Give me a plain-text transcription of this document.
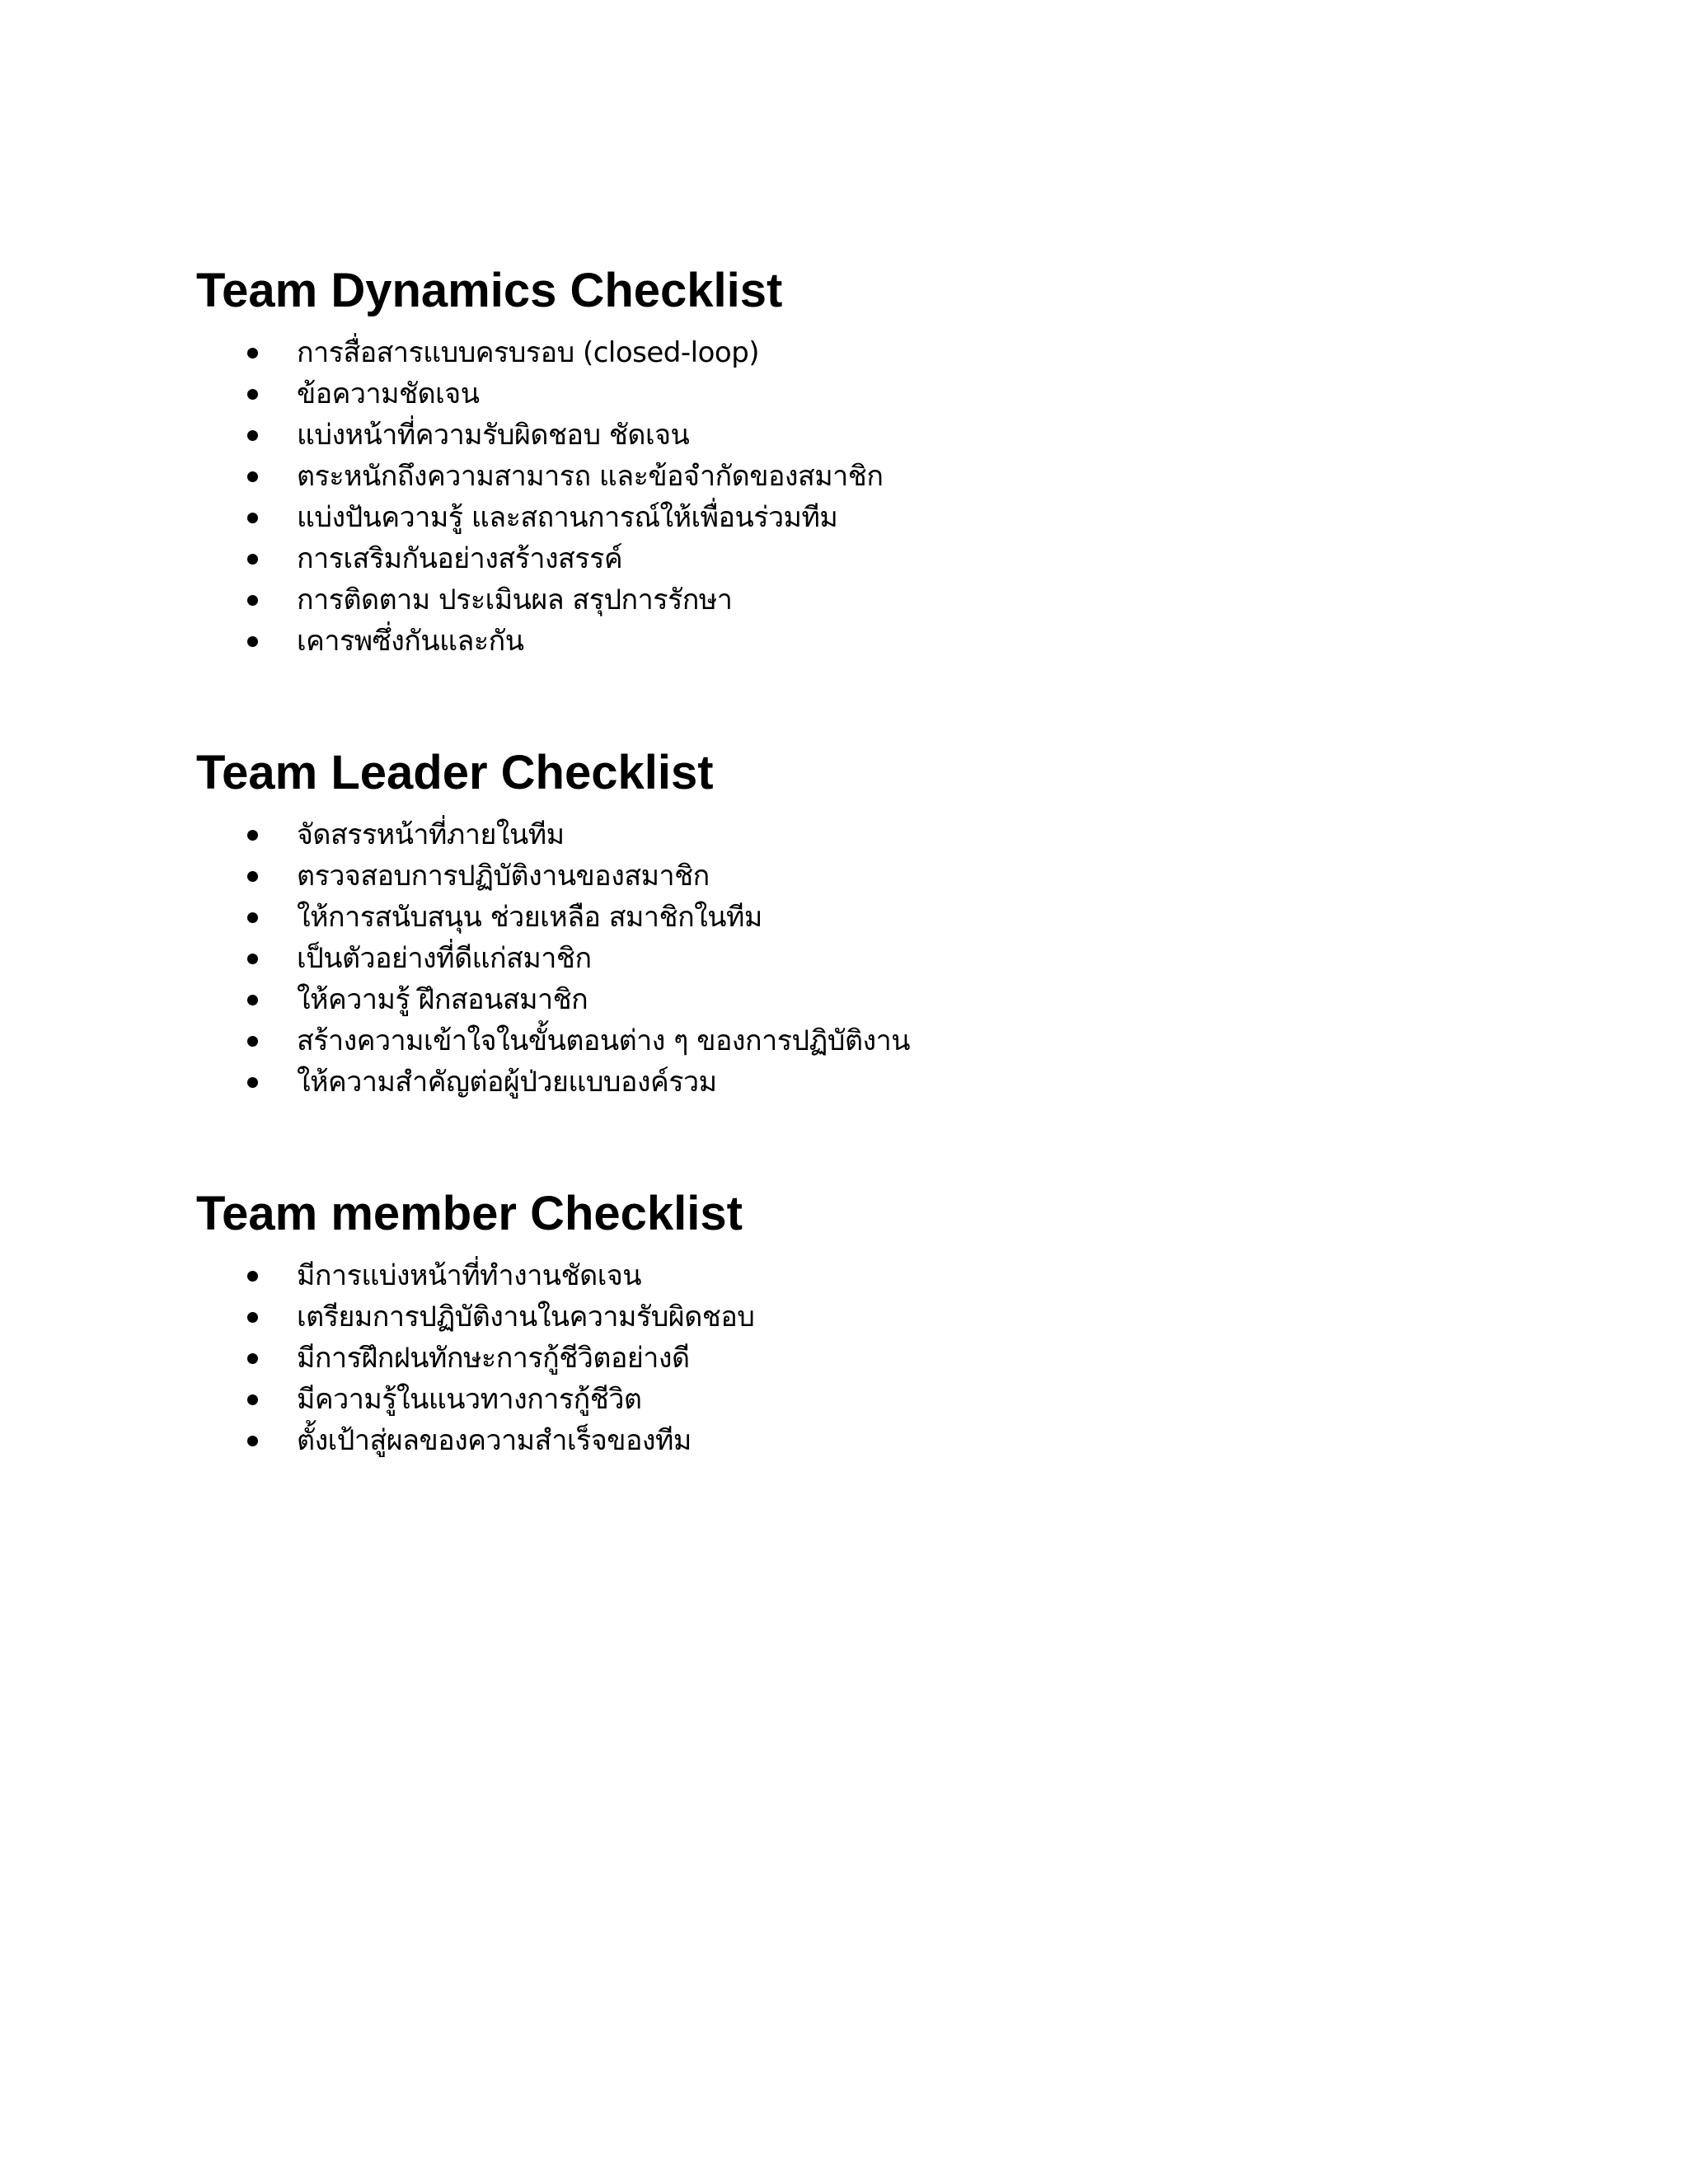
Team Dynamics Checklist
การสื่อสารแบบครบรอบ (closed-loop)
ข้อความชัดเจน
แบ่งหน้าที่ความรับผิดชอบ ชัดเจน
ตระหนักถึงความสามารถ และข้อจำกัดของสมาชิก
แบ่งปันความรู้ และสถานการณ์ให้เพื่อนร่วมทีม
การเสริมกันอย่างสร้างสรรค์
การติดตาม ประเมินผล สรุปการรักษา
เคารพซึ่งกันและกัน
Team Leader Checklist
จัดสรรหน้าที่ภายในทีม
ตรวจสอบการปฏิบัติงานของสมาชิก
ให้การสนับสนุน ช่วยเหลือ สมาชิกในทีม
เป็นตัวอย่างที่ดีแก่สมาชิก
ให้ความรู้ ฝึกสอนสมาชิก
สร้างความเข้าใจในขั้นตอนต่าง ๆ ของการปฏิบัติงาน
ให้ความสำคัญต่อผู้ป่วยแบบองค์รวม
Team member Checklist
มีการแบ่งหน้าที่ทำงานชัดเจน
เตรียมการปฏิบัติงานในความรับผิดชอบ
มีการฝึกฝนทักษะการกู้ชีวิตอย่างดี
มีความรู้ในแนวทางการกู้ชีวิต
ตั้งเป้าสู่ผลของความสำเร็จของทีม
